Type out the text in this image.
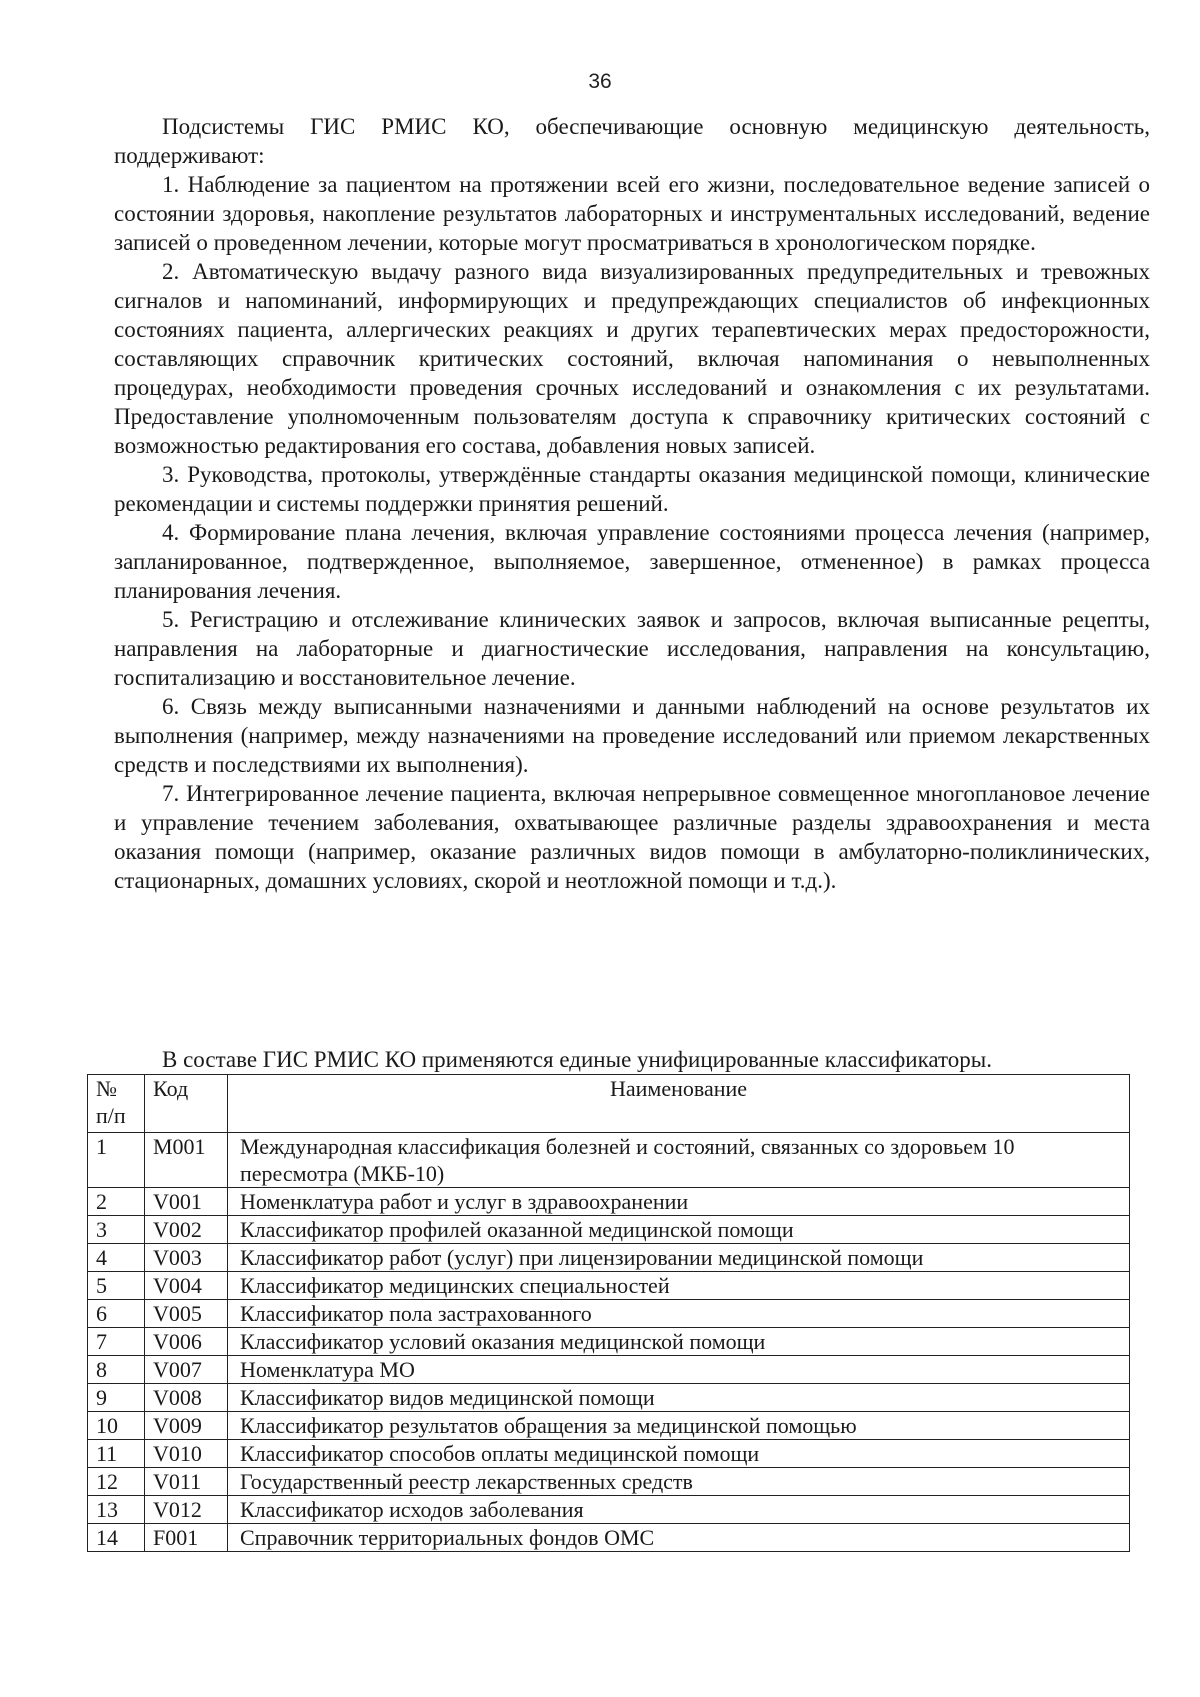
36

Подсистемы ГИС РМИС КО, обеспечивающие основную медицинскую деятельность, поддерживают:

1. Наблюдение за пациентом на протяжении всей его жизни, последовательное ведение записей о состоянии здоровья, накопление результатов лабораторных и инструментальных исследований, ведение записей о проведенном лечении, которые могут просматриваться в хронологическом порядке.

2. Автоматическую выдачу разного вида визуализированных предупредительных и тревожных сигналов и напоминаний, информирующих и предупреждающих специалистов об инфекционных состояниях пациента, аллергических реакциях и других терапевтических мерах предосторожности, составляющих справочник критических состояний, включая напоминания о невыполненных процедурах, необходимости проведения срочных исследований и ознакомления с их результатами. Предоставление уполномоченным пользователям доступа к справочнику критических состояний с возможностью редактирования его состава, добавления новых записей.

3. Руководства, протоколы, утверждённые стандарты оказания медицинской помощи, клинические рекомендации и системы поддержки принятия решений.

4. Формирование плана лечения, включая управление состояниями процесса лечения (например, запланированное, подтвержденное, выполняемое, завершенное, отмененное) в рамках процесса планирования лечения.

5. Регистрацию и отслеживание клинических заявок и запросов, включая выписанные рецепты, направления на лабораторные и диагностические исследования, направления на консультацию, госпитализацию и восстановительное лечение.

6. Связь между выписанными назначениями и данными наблюдений на основе результатов их выполнения (например, между назначениями на проведение исследований или приемом лекарственных средств и последствиями их выполнения).

7. Интегрированное лечение пациента, включая непрерывное совмещенное многоплановое лечение и управление течением заболевания, охватывающее различные разделы здравоохранения и места оказания помощи (например, оказание различных видов помощи в амбулаторно-поликлинических, стационарных, домашних условиях, скорой и неотложной помощи и т.д.).

В составе ГИС РМИС КО применяются единые унифицированные классификаторы.
№ п/п	Код	Наименование
1	M001	Международная классификация болезней и состояний, связанных со здоровьем 10 пересмотра (МКБ-10)
2	V001	Номенклатура работ и услуг в здравоохранении
3	V002	Классификатор профилей оказанной медицинской помощи
4	V003	Классификатор работ (услуг) при лицензировании медицинской помощи
5	V004	Классификатор медицинских специальностей
6	V005	Классификатор пола застрахованного
7	V006	Классификатор условий оказания медицинской помощи
8	V007	Номенклатура МО
9	V008	Классификатор видов медицинской помощи
10	V009	Классификатор результатов обращения за медицинской помощью
11	V010	Классификатор способов оплаты медицинской помощи
12	V011	Государственный реестр лекарственных средств
13	V012	Классификатор исходов заболевания
14	F001	Справочник территориальных фондов ОМС
